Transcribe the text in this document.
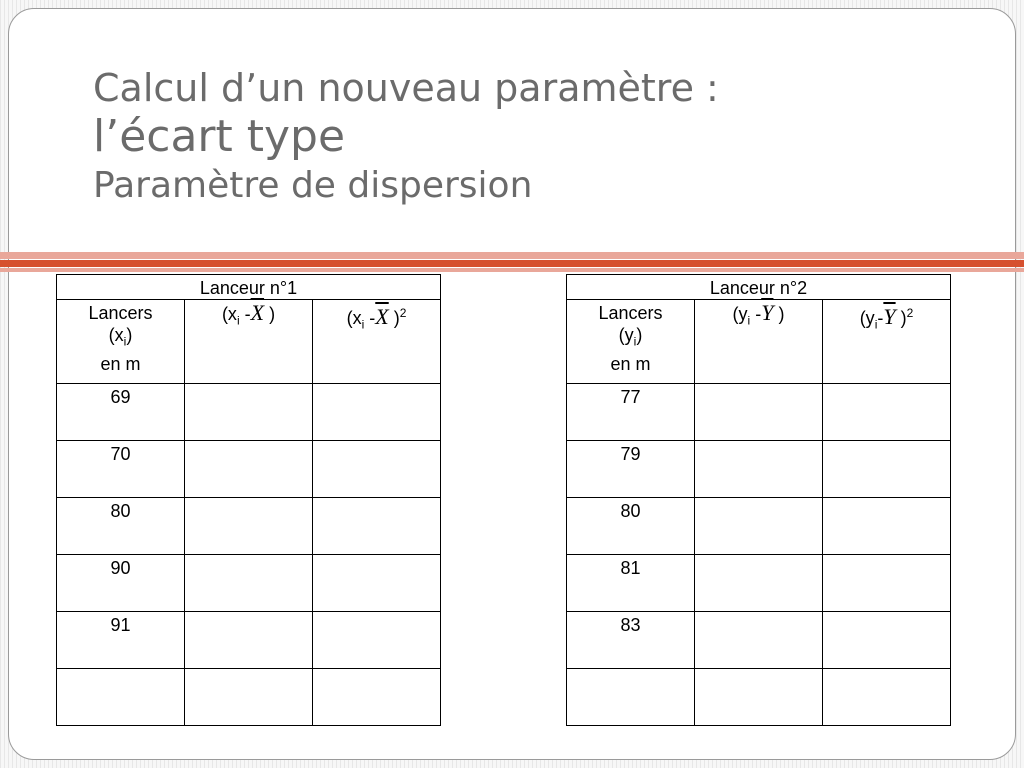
Calcul d’un nouveau paramètre :
l’écart type
Paramètre de dispersion
Lanceur n°1		

Lancers
$(x_i)$
en m	($x_i$ $-\overline{X}$ )	($x_i$ $-\overline{X}$ )$^2$
69		
70		
80		
90		
91		

Lanceur n°2		

Lancers
$(y_i)$
en m	($y_i$ $-\overline{Y}$ )	($y_i-\overline{Y}$ )$^2$
77		
79		
80		
81		
83		
